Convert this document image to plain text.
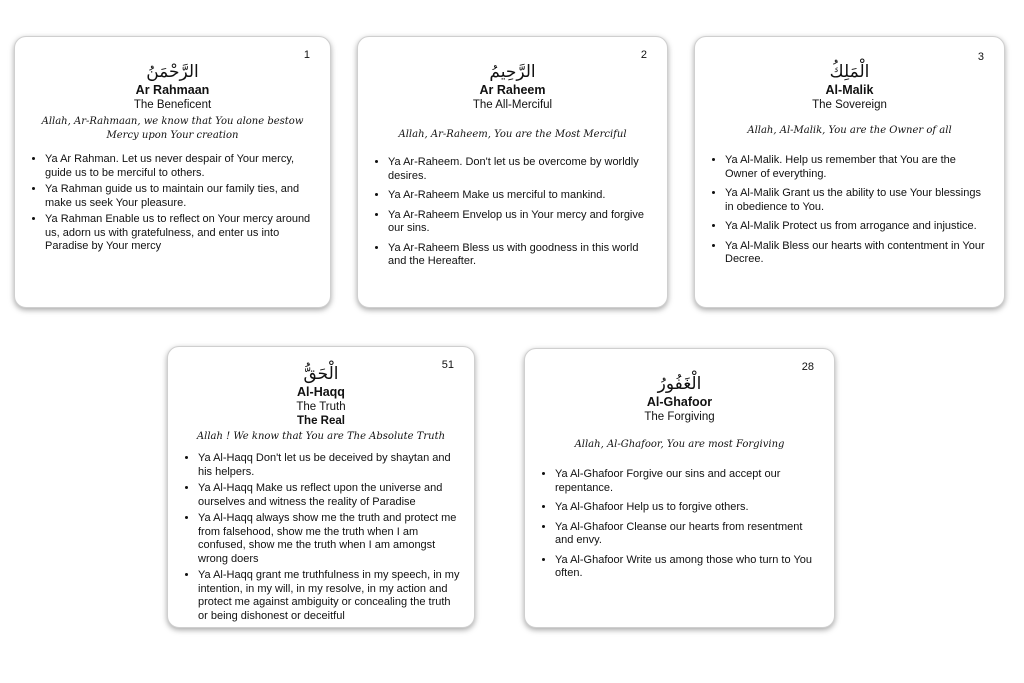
1
الرَّحْمَنُ
Ar Rahmaan
The Beneficent
Allah, Ar-Rahmaan, we know that You alone bestow
Mercy upon Your creation
• Ya Ar Rahman. Let us never despair of Your mercy, guide us to be merciful to others.
• Ya Rahman guide us to maintain our family ties, and make us seek Your pleasure.
• Ya Rahman Enable us to reflect on Your mercy around us, adorn us with gratefulness, and enter us into Paradise by Your mercy
2
الرَّحِيمُ
Ar Raheem
The All-Merciful
Allah, Ar-Raheem, You are the Most Merciful
• Ya Ar-Raheem. Don't let us be overcome by worldly desires.
• Ya Ar-Raheem Make us merciful to mankind.
• Ya Ar-Raheem Envelop us in Your mercy and forgive our sins.
• Ya Ar-Raheem Bless us with goodness in this world and the Hereafter.
3
الْمَلِكُ
Al-Malik
The Sovereign
Allah, Al-Malik, You are the Owner of all
• Ya Al-Malik. Help us remember that You are the Owner of everything.
• Ya Al-Malik Grant us the ability to use Your blessings in obedience to You.
• Ya Al-Malik Protect us from arrogance and injustice.
• Ya Al-Malik Bless our hearts with contentment in Your Decree.
51
الْحَقُّ
Al-Haqq
The Truth
The Real
Allah ! We know that You are The Absolute Truth
• Ya Al-Haqq Don't let us be deceived by shaytan and his helpers.
• Ya Al-Haqq Make us reflect upon the universe and ourselves and witness the reality of Paradise
• Ya Al-Haqq always show me the truth and protect me from falsehood, show me the truth when I am confused, show me the truth when I am amongst wrong doers
• Ya Al-Haqq grant me truthfulness in my speech, in my intention, in my will, in my resolve, in my action and protect me against ambiguity or concealing the truth or being dishonest or deceitful
28
الْغَفُورُ
Al-Ghafoor
The Forgiving
Allah, Al-Ghafoor, You are most Forgiving
• Ya Al-Ghafoor Forgive our sins and accept our repentance.
• Ya Al-Ghafoor Help us to forgive others.
• Ya Al-Ghafoor Cleanse our hearts from resentment and envy.
• Ya Al-Ghafoor Write us among those who turn to You often.
